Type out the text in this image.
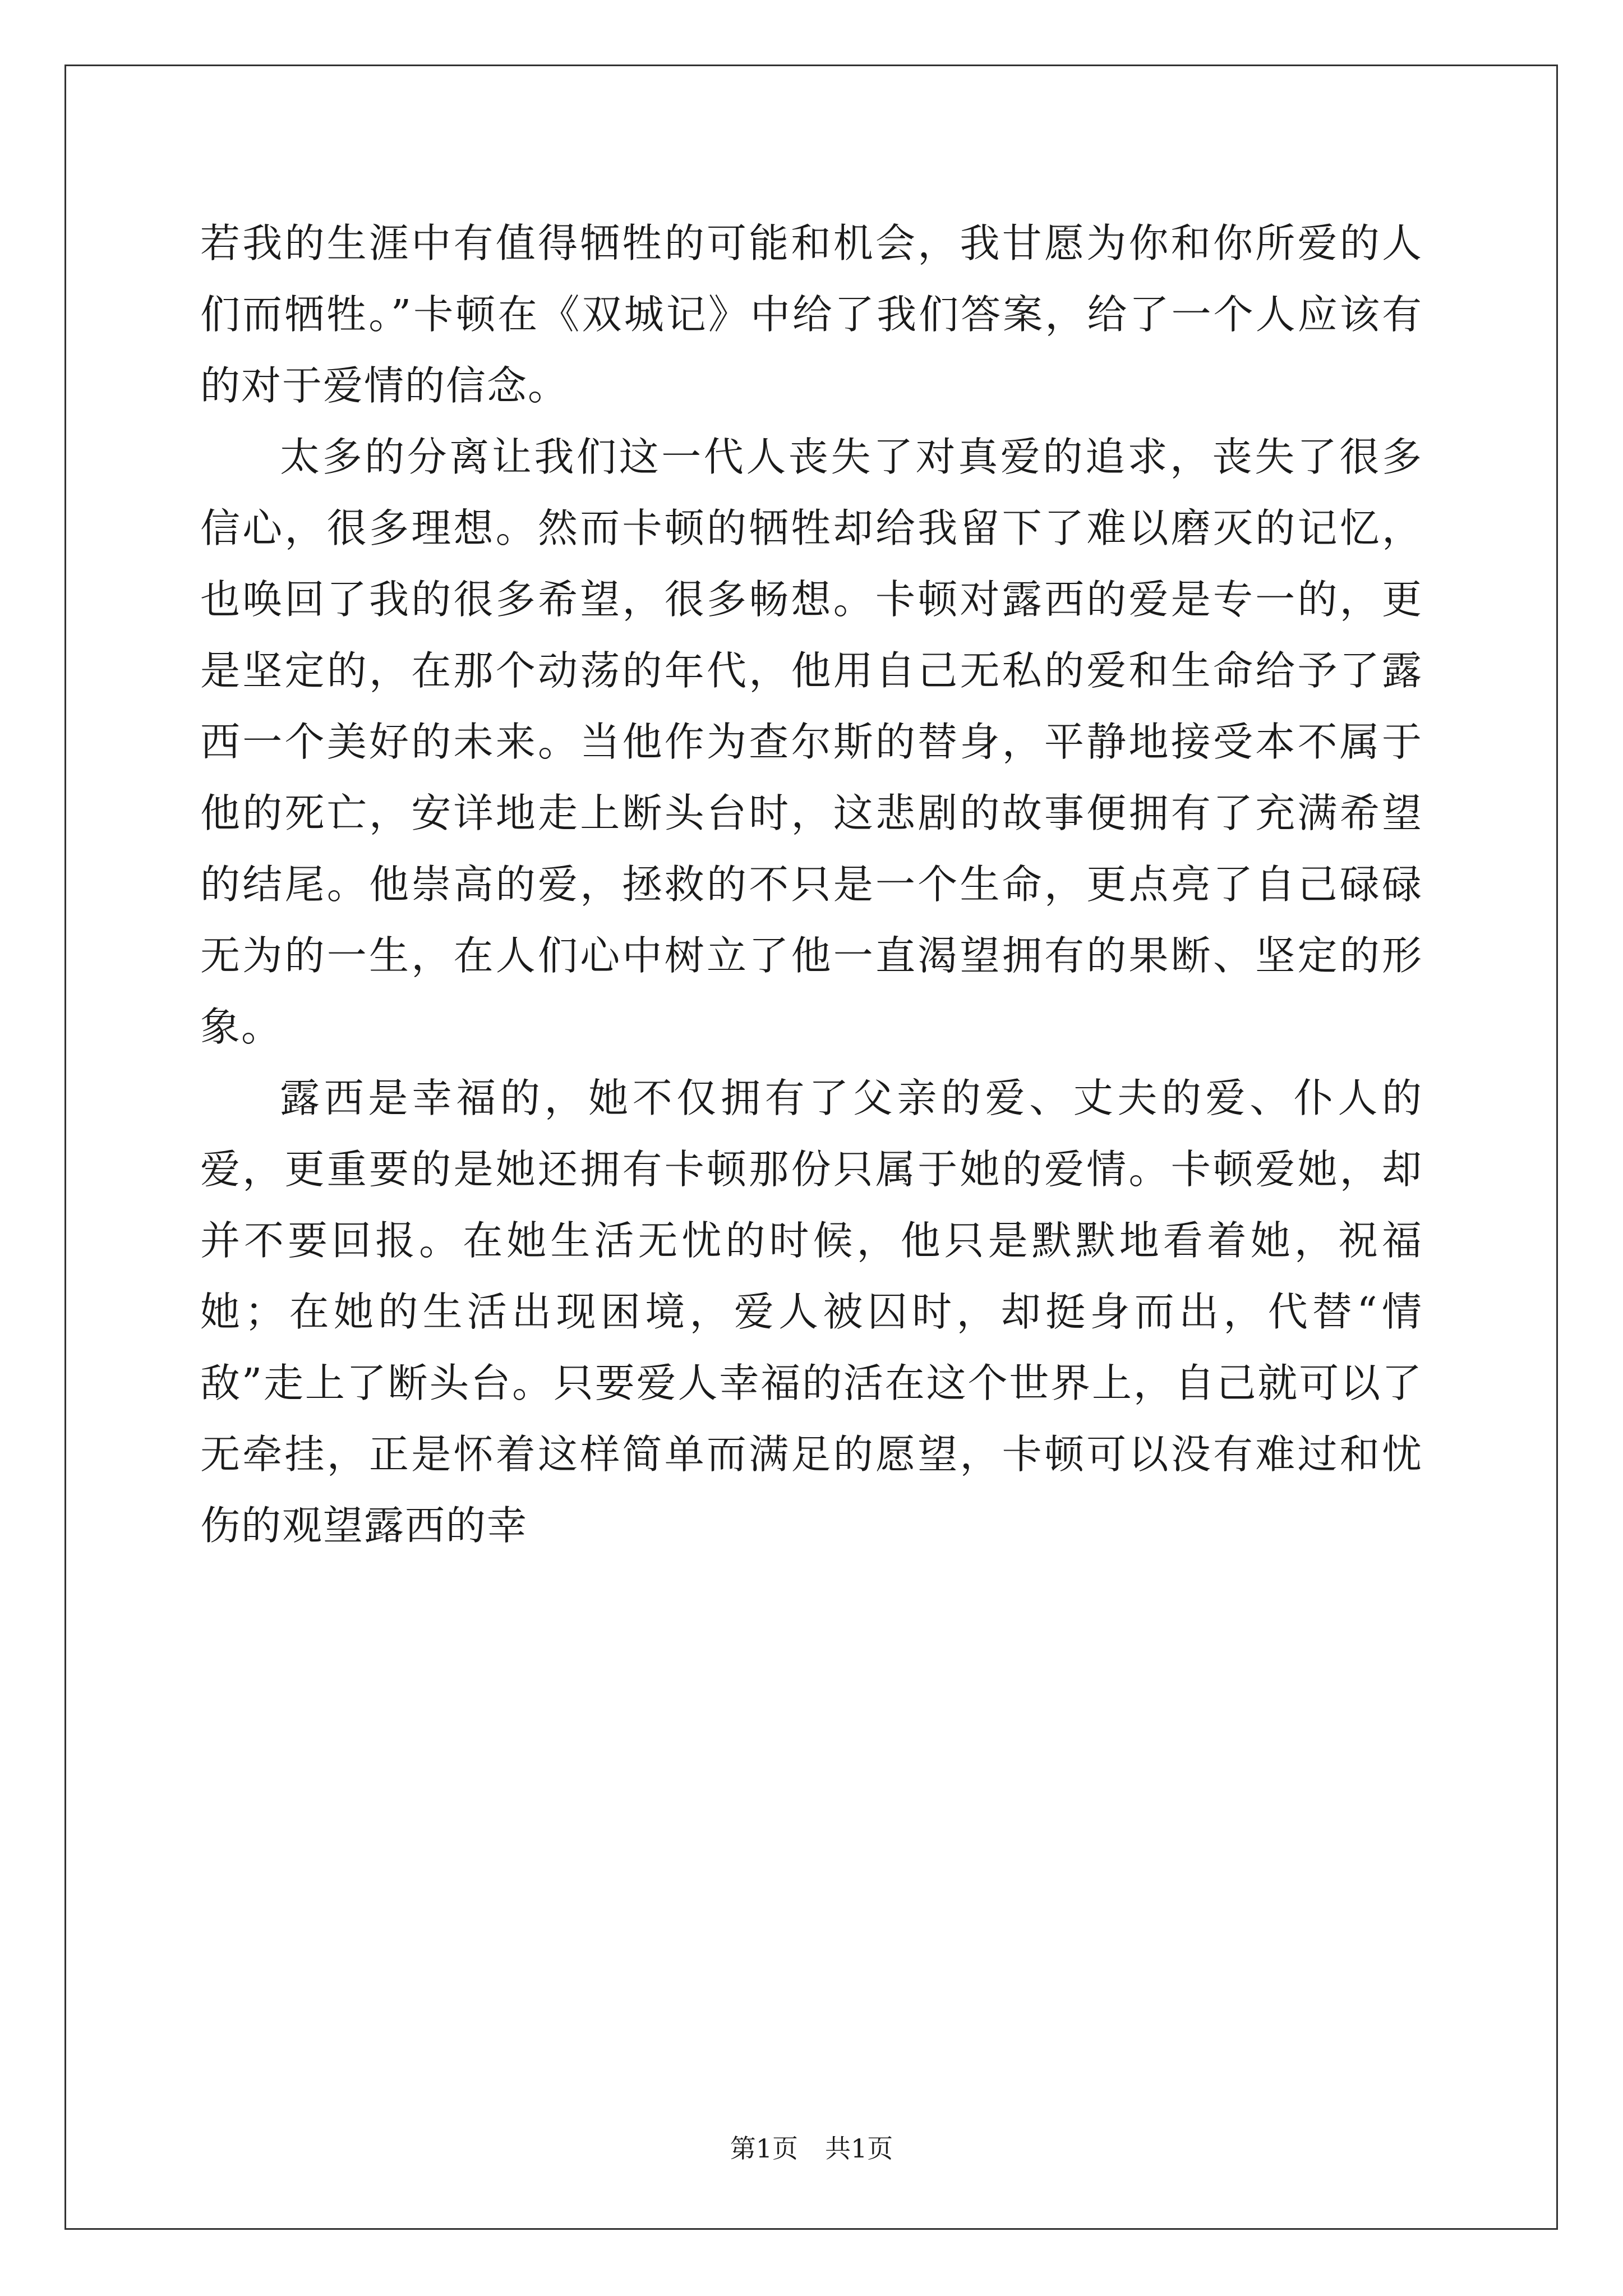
若我的生涯中有值得牺牲的可能和机会，我甘愿为你和你所爱的人们而牺牲。”卡顿在《双城记》中给了我们答案，给了一个人应该有的对于爱情的信念。

太多的分离让我们这一代人丧失了对真爱的追求，丧失了很多信心，很多理想。然而卡顿的牺牲却给我留下了难以磨灭的记忆，也唤回了我的很多希望，很多畅想。卡顿对露西的爱是专一的，更是坚定的，在那个动荡的年代，他用自己无私的爱和生命给予了露西一个美好的未来。当他作为查尔斯的替身，平静地接受本不属于他的死亡，安详地走上断头台时，这悲剧的故事便拥有了充满希望的结尾。他崇高的爱，拯救的不只是一个生命，更点亮了自己碌碌无为的一生，在人们心中树立了他一直渴望拥有的果断、坚定的形象。

露西是幸福的，她不仅拥有了父亲的爱、丈夫的爱、仆人的爱，更重要的是她还拥有卡顿那份只属于她的爱情。卡顿爱她，却并不要回报。在她生活无忧的时候，他只是默默地看着她，祝福她；在她的生活出现困境，爱人被囚时，却挺身而出，代替“情敌”走上了断头台。只要爱人幸福的活在这个世界上，自己就可以了无牵挂，正是怀着这样简单而满足的愿望，卡顿可以没有难过和忧伤的观望露西的幸

第1页 共1页
